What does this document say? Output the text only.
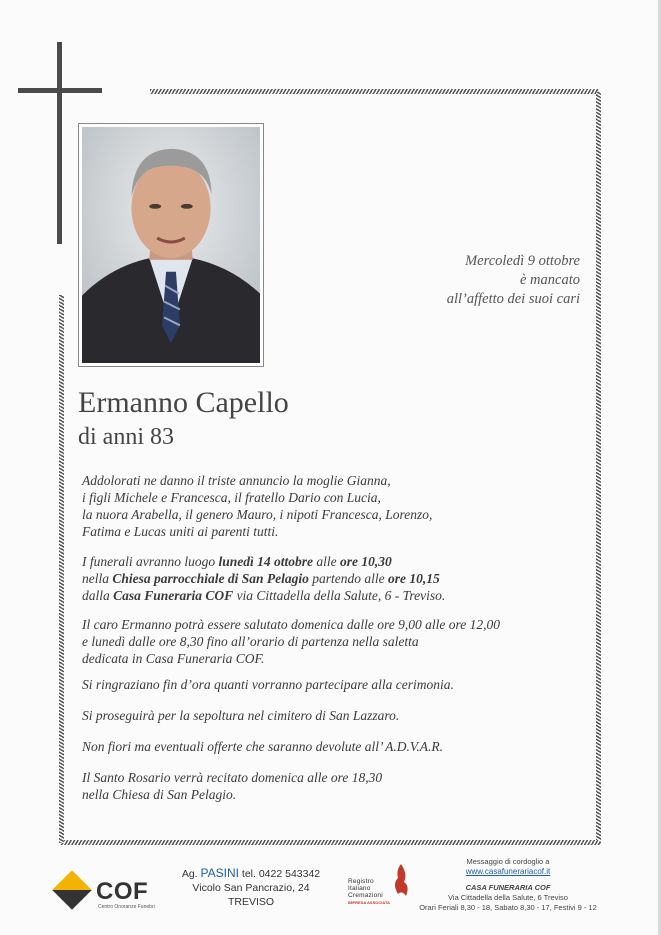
Mercoledì 9 ottobre
è mancato
all’affetto dei suoi cari
Ermanno Capello
di anni 83
Addolorati ne danno il triste annuncio la moglie Gianna,
i figli Michele e Francesca, il fratello Dario con Lucia,
la nuora Arabella, il genero Mauro, i nipoti Francesca, Lorenzo,
Fatima e Lucas uniti ai parenti tutti.
I funerali avranno luogo lunedì 14 ottobre alle ore 10,30
nella Chiesa parrocchiale di San Pelagio partendo alle ore 10,15
dalla Casa Funeraria COF via Cittadella della Salute, 6 - Treviso.
Il caro Ermanno potrà essere salutato domenica dalle ore 9,00 alle ore 12,00
e lunedì dalle ore 8,30 fino all’orario di partenza nella saletta
dedicata in Casa Funeraria COF.
Si ringraziano fin d’ora quanti vorranno partecipare alla cerimonia.
Si proseguirà per la sepoltura nel cimitero di San Lazzaro.
Non fiori ma eventuali offerte che saranno devolute all’ A.D.V.A.R.
Il Santo Rosario verrà recitato domenica alle ore 18,30
nella Chiesa di San Pelagio.
COF
Centro Onoranze Funebri
Ag. PASINI tel. 0422 543342
Vicolo San Pancrazio, 24
TREVISO
Registro
Italiano
Cremazioni
IMPRESA ASSOCIATA
Messaggio di cordoglio a
www.casafunerariacof.it
CASA FUNERARIA COF
Via Cittadella della Salute, 6 Treviso
Orari Feriali 8,30 - 18, Sabato 8,30 - 17, Festivi 9 - 12
